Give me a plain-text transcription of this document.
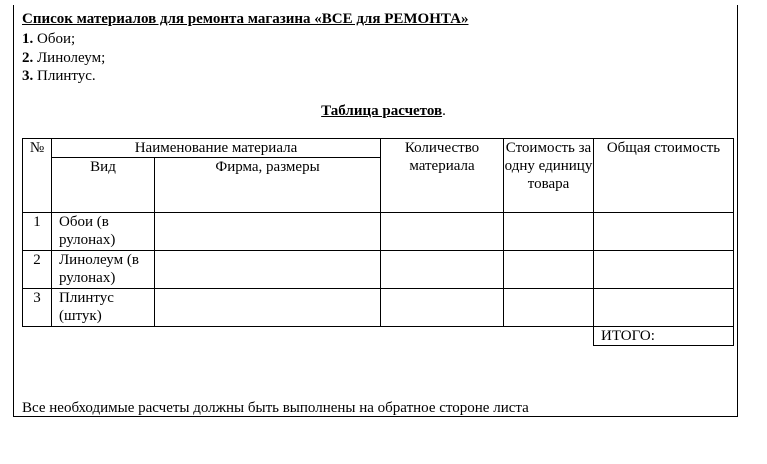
Список материалов для ремонта магазина «ВСЕ для РЕМОНТА»
1. Обои;
2. Линолеум;
3. Плинтус.
Таблица расчетов.
№	Наименование материала		Количество материала	Стоимость за одну единицу товара	Общая стоимость
	Вид	Фирма, размеры			
1	Обои (в рулонах)				
2	Линолеум (в рулонах)				
3	Плинтус (штук)				
					ИТОГО:
Все необходимые расчеты должны быть выполнены на обратное стороне листа
